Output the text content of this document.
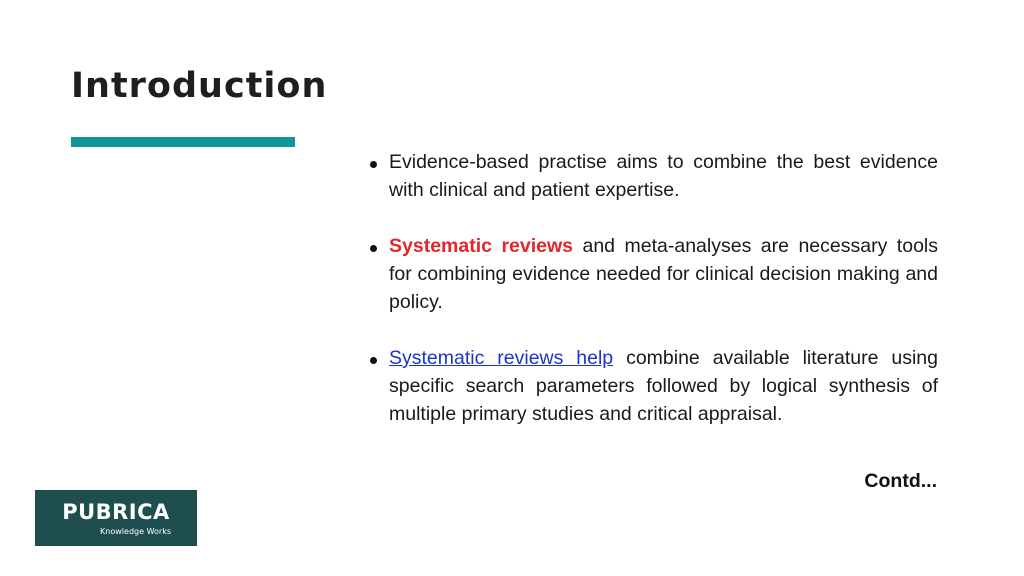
Introduction
Evidence-based practise aims to combine the best evidence with clinical and patient expertise.
Systematic reviews and meta-analyses are necessary tools for combining evidence needed for clinical decision making and policy.
Systematic reviews help combine available literature using specific search parameters followed by logical synthesis of multiple primary studies and critical appraisal.
Contd...
PUBRICA
Knowledge Works
